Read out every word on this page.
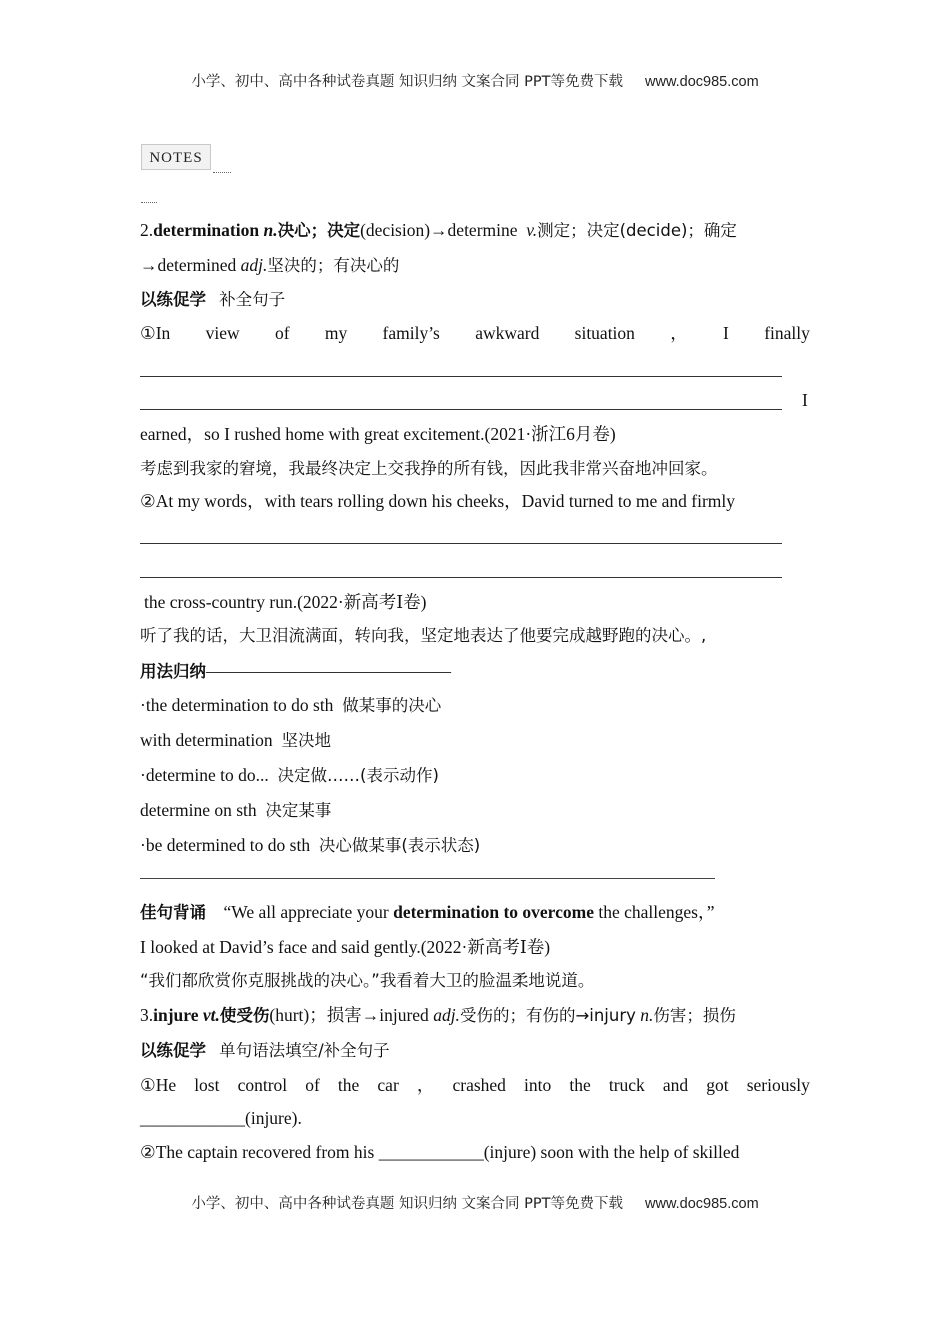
小学、初中、高中各种试卷真题 知识归纳 文案合同 PPT等免费下载 www.doc985.com
NOTES
2.determination n.决心；决定(decision)→determine v.测定；决定(decide)；确定
→determined adj.坚决的；有决心的
以练促学 补全句子
①In view of my family’s awkward situation ， I finally
I
earned，so I rushed home with great excitement.(2021·浙江6月卷)
考虑到我家的窘境，我最终决定上交我挣的所有钱，因此我非常兴奋地冲回家。
②At my words，with tears rolling down his cheeks，David turned to me and firmly
the cross-country run.(2022·新高考Ⅰ卷)
听了我的话，大卫泪流满面，转向我，坚定地表达了他要完成越野跑的决心。,
用法归纳——————————————
·the determination to do sth 做某事的决心
with determination 坚决地
·determine to do... 决定做……(表示动作)
determine on sth 决定某事
·be determined to do sth 决心做某事(表示状态)
佳句背诵 “We all appreciate your determination to overcome the challenges，”
I looked at David’s face and said gently.(2022·新高考Ⅰ卷)
“我们都欣赏你克服挑战的决心。”我看着大卫的脸温柔地说道。
3.injure vt.使受伤(hurt)；损害→injured adj.受伤的；有伤的→injury n.伤害；损伤
以练促学 单句语法填空/补全句子
①He lost control of the car ， crashed into the truck and got seriously
____________(injure).
②The captain recovered from his ____________(injure) soon with the help of skilled
小学、初中、高中各种试卷真题 知识归纳 文案合同 PPT等免费下载 www.doc985.com
